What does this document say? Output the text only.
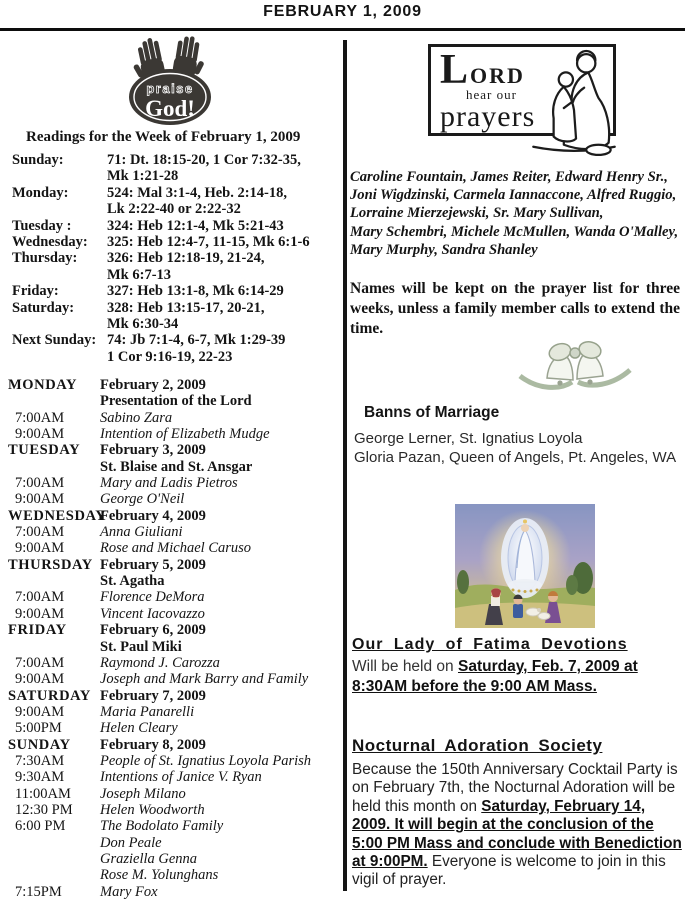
FEBRUARY 1, 2009
praise
God!
Readings for the Week of February 1, 2009
Sunday:	71: Dt. 18:15-20, 1 Cor 7:32-35,
Mk 1:21-28
Monday:	524: Mal 3:1-4, Heb. 2:14-18,
Lk 2:22-40 or 2:22-32
Tuesday :	324: Heb 12:1-4, Mk 5:21-43
Wednesday:	325: Heb 12:4-7, 11-15, Mk 6:1-6
Thursday:	326: Heb 12:18-19, 21-24,
Mk 6:7-13
Friday:	327: Heb 13:1-8, Mk 6:14-29
Saturday:	328: Heb 13:15-17, 20-21,
Mk 6:30-34
Next Sunday: 74: Jb 7:1-4, 6-7, Mk 1:29-39
1 Cor 9:16-19, 22-23
MONDAY	February 2, 2009
Presentation of the Lord
7:00AM	Sabino Zara
9:00AM	Intention of Elizabeth Mudge
TUESDAY	February 3, 2009
St. Blaise and St. Ansgar
7:00AM	Mary and Ladis Pietros
9:00AM	George O'Neil
WEDNESDAY
February 4, 2009
7:00AM	Anna Giuliani
9:00AM	Rose and Michael Caruso
THURSDAY February 5, 2009
St. Agatha
7:00AM	Florence DeMora
9:00AM	Vincent Iacovazzo
FRIDAY	February 6, 2009
St. Paul Miki
7:00AM	Raymond J. Carozza
9:00AM	Joseph and Mark Barry and Family
SATURDAY February 7, 2009
9:00AM	Maria Panarelli
5:00PM	Helen Cleary
SUNDAY	February 8, 2009
7:30AM	People of St. Ignatius Loyola Parish
9:30AM	Intentions of Janice V. Ryan
11:00AM	Joseph Milano
12:30 PM	Helen Woodworth
6:00 PM	The Bodolato Family
Don Peale
Graziella Genna
Rose M. Yolunghans
7:15PM	Mary Fox
LORD
hear our
prayers
Caroline Fountain, James Reiter, Edward Henry Sr.,
Joni Wigdzinski, Carmela Iannaccone, Alfred Ruggio,
Lorraine Mierzejewski, Sr. Mary Sullivan,
Mary Schembri, Michele McMullen, Wanda O'Malley,
Mary Murphy, Sandra Shanley
Names will be kept on the prayer list for three weeks, unless a family member calls to extend the time.
Banns of Marriage
George Lerner, St. Ignatius Loyola
Gloria Pazan, Queen of Angels, Pt. Angeles, WA
Our Lady of Fatima Devotions
Will be held on Saturday, Feb. 7, 2009 at 8:30AM before the 9:00 AM Mass.
Nocturnal Adoration Society
Because the 150th Anniversary Cocktail Party is on February 7th, the Nocturnal Adoration will be held this month on Saturday, February 14, 2009. It will begin at the conclusion of the 5:00 PM Mass and conclude with Benediction at 9:00PM. Everyone is welcome to join in this vigil of prayer.
